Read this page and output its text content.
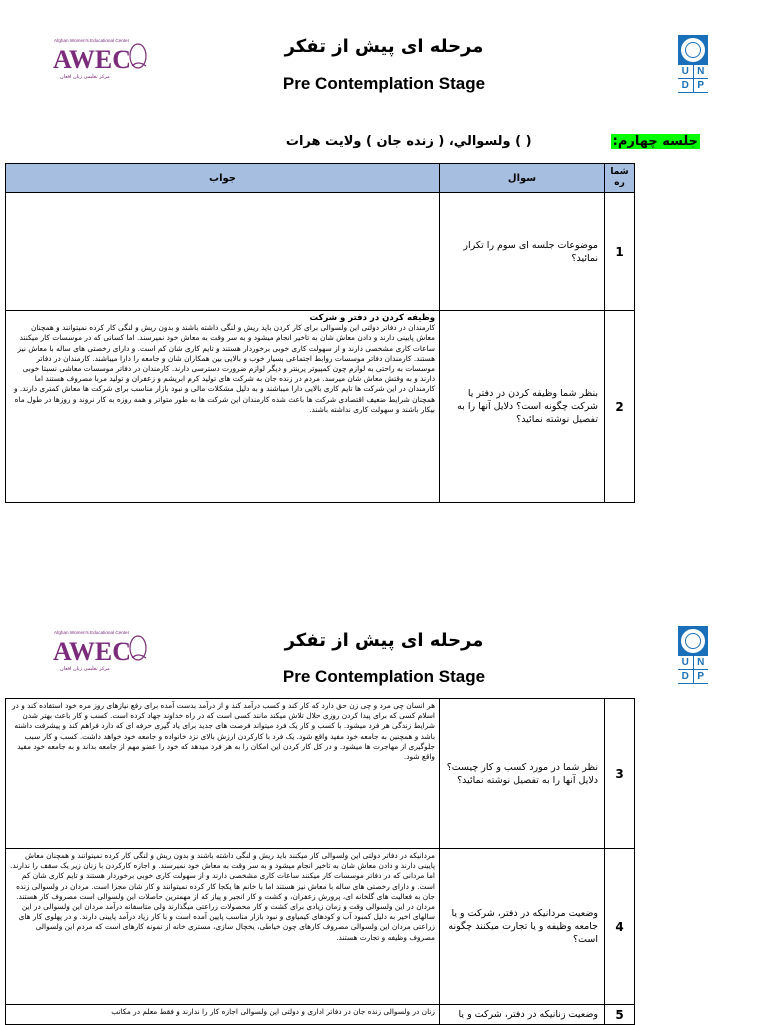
Afghan Women's Educational Center
AWEC
مرکز تعلیمی زنان افغان
مرحله ای پیش از تفکر
Pre Contemplation Stage
U N
D P
جلسه چهارم:  ( ) ولسوالي، ( زنده جان ) ولایت هرات
شما ره	سوال	جواب
1	موضوعات جلسه ای سوم را تکرار نمائید؟	
2	بنظر شما وظیفه کردن در دفتر یا شرکت چگونه است؟ دلایل آنها را به تفصیل نوشته نمائید؟	وظیفه کردن در دفتر و شرکت
کارمندان در دفاتر دولتی این ولسوالی برای کار کردن باید ریش و لنگی داشته باشند و بدون ریش و لنگی کار کرده نمیتوانند و همچنان معاش پایینی دارند و دادن معاش شان به تاخیر انجام میشود و به سر وقت به معاش خود نمیرسند. اما کسانی که در موسسات کار میکنند ساعات کاری مشخصی دارند و از سهولت کاری خوبی برخوردار هستند و تایم کاری شان کم است. و دارای رخصتی های ساله با معاش نیز هستند. کارمندان دفاتر موسسات روابط اجتماعی بسیار خوب و بالایی بین همکاران شان و جامعه را دارا میباشند. کارمندان در دفاتر موسسات به راحتی به لوازم چون کمپیوتر پرینتر و دیگر لوازم ضرورت دسترسی دارند. کارمندان در دفاتر موسسات معاشی نسبتا خوبی دارند و به وقتش معاش شان میرسد. مردم در زنده جان به شرکت های تولید کرم ابریشم و زعفران و تولید مربا مصروف هستند اما کارمندان در این شرکت ها تایم کاری بالایی دارا میباشند و به دلیل مشکلات مالی و نبود بازار مناسب برای شرکت ها معاش کمتری دارند. و همچنان شرایط ضعیف اقتصادی شرکت ها باعث شده کارمندان این شرکت ها به طور متواتر و همه روزه به کار نروند و روزها در طول ماه بیکار باشند و سهولت کاری نداشته باشند.
Afghan Women's Educational Center
AWEC
مرکز تعلیمی زنان افغان
مرحله ای پیش از تفکر
Pre Contemplation Stage
U N
D P
3	نظر شما در مورد کسب و کار چیست؟ دلایل آنها را به تفصیل نوشته نمائید؟	هر انسان چی مرد و چی زن حق دارد که کار کند و کسب درآمد کند و از درآمد بدست آمده برای رفع نیازهای روز مره خود استفاده کند و در اسلام کسی که برای پیدا کردن روزی حلال تلاش میکند مانند کسی است که در راه خداوند جهاد کرده است. کسب و کار باعث بهتر شدن شرایط زندگی هر فرد میشود. با کسب و کار یک فرد میتواند فرصت های جدید برای یاد گیری حرفه ای که دارد فراهم کند و پیشرفت داشته باشد و همچنین به جامعه خود مفید واقع شود. یک فرد با کارکردن ارزش بالای نزد خانواده و جامعه خود خواهد داشت. کسب و کار سبب جلوگیری از مهاجرت ها میشود. و در کل کار کردن این امکان را به هر فرد میدهد که خود را عضو مهم از جامعه بداند و به جامعه خود مفید واقع شود.
4	وضعیت مردانیکه در دفتر، شرکت و یا جامعه وظیفه و یا تجارت میکنند چگونه است؟	مردانیکه در دفاتر دولتی این ولسوالی کار میکنند باید ریش و لنگی داشته باشند و بدون ریش و لنگی کار کرده نمیتوانند و همچنان معاش پایینی دارند و دادن معاش شان به تاخیر انجام میشود و به سر وقت به معاش خود نمیرسند. و اجازه کارکردن با زنان زیر یک سقف را ندارند. اما مردانی که در دفاتر موسسات کار میکنند ساعات کاری مشخصی دارند و از سهولت کاری خوبی برخوردار هستند و تایم کاری شان کم است. و دارای رخصتی های ساله با معاش نیز هستند اما با خانم ها یکجا کار کرده نمیتوانند و کار شان مجزا است. مردان در ولسوالی زنده جان به فعالیت های گلخانه ای، پرورش زعفران، و کشت و کار انجیر و پیاز که از مهمترین حاصلات این ولسوالی است مصروف کار هستند. مردان در این ولسوالی وقت و زمان زیادی برای کشت و کار محصولات زراعتی میگذارند ولی متاسفانه درآمد مردان این ولسوالی در این سالهای اخیر به دلیل کمبود آب و کودهای کیمیاوی و نبود بازار مناسب پایین آمده است و با کار زیاد درآمد پایینی دارند. و در پهلوی کار های زراعتی مردان این ولسوالی مصروف کارهای چون خیاطی، یخچال سازی، مستری خانه از نمونه کارهای است که مردم این ولسوالی مصروف وظیفه و تجارت هستند.
5	وضعیت زنانیکه در دفتر، شرکت و یا	زنان در ولسوالی زنده جان در دفاتر اداری و دولتی این ولسوالی اجازه کار را ندارند و فقط معلم در مکاتب
